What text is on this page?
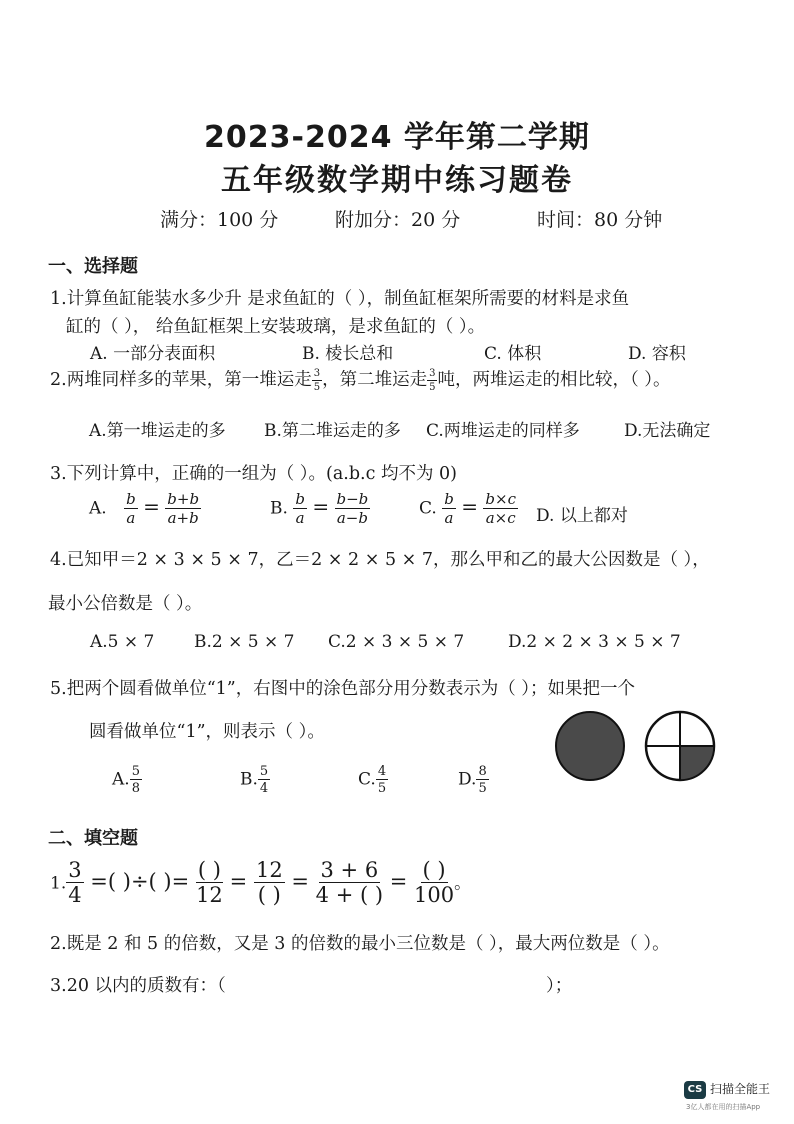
2023-2024 学年第二学期
五年级数学期中练习题卷
满分：100 分	附加分：20 分	时间：80 分钟
一、选择题
1.计算鱼缸能装水多少升 是求鱼缸的（ ），制鱼缸框架所需要的材料是求鱼
缸的（ ）， 给鱼缸框架上安装玻璃，是求鱼缸的（ ）。
A. 一部分表面积	B. 棱长总和	C. 体积	D. 容积
2.两堆同样多的苹果，第一堆运走 $\frac{3}{5}$ ，第二堆运走 $\frac{3}{5}$ 吨，两堆运走的相比较，（ ）。
A.第一堆运走的多 B.第二堆运走的多 C.两堆运走的同样多	D.无法确定
3.下列计算中，正确的一组为（ ）。(a.b.c 均不为 0)
A. $\frac{b}{a} = \frac{b+b}{a+b}$	B. $\frac{b}{a} = \frac{b-b}{a-b}$	C. $\frac{b}{a} = \frac{b\times c}{a\times c} D$. 以上都对
4.已知甲＝2 × 3 × 5 × 7，乙＝2 × 2 × 5 × 7，那么甲和乙的最大公因数是（ ），
最小公倍数是（ ）。
A.5 × 7 B.2 × 5 × 7 C.2 × 3 × 5 × 7	D.2 × 2 × 3 × 5 × 7
5.把两个圆看做单位“1”，右图中的涂色部分用分数表示为（ ）；如果把一个
圆看做单位“1”，则表示（ ）。
A. $\frac{5}{8}$	B. $\frac{5}{4}$	C. $\frac{4}{5}$	D. $\frac{8}{5}$
二、填空题
1. $\frac{3}{4}$ =( )÷( )= $\frac{( )}{12} = \frac{12}{( )} = \frac{3 + 6}{4 + ( )} = \frac{( )}{100}$ 。
2.既是 2 和 5 的倍数，又是 3 的倍数的最小三位数是（ ），最大两位数是（ ）。
3.20 以内的质数有：（	）；
CS 扫描全能王
3亿人都在用的扫描App
